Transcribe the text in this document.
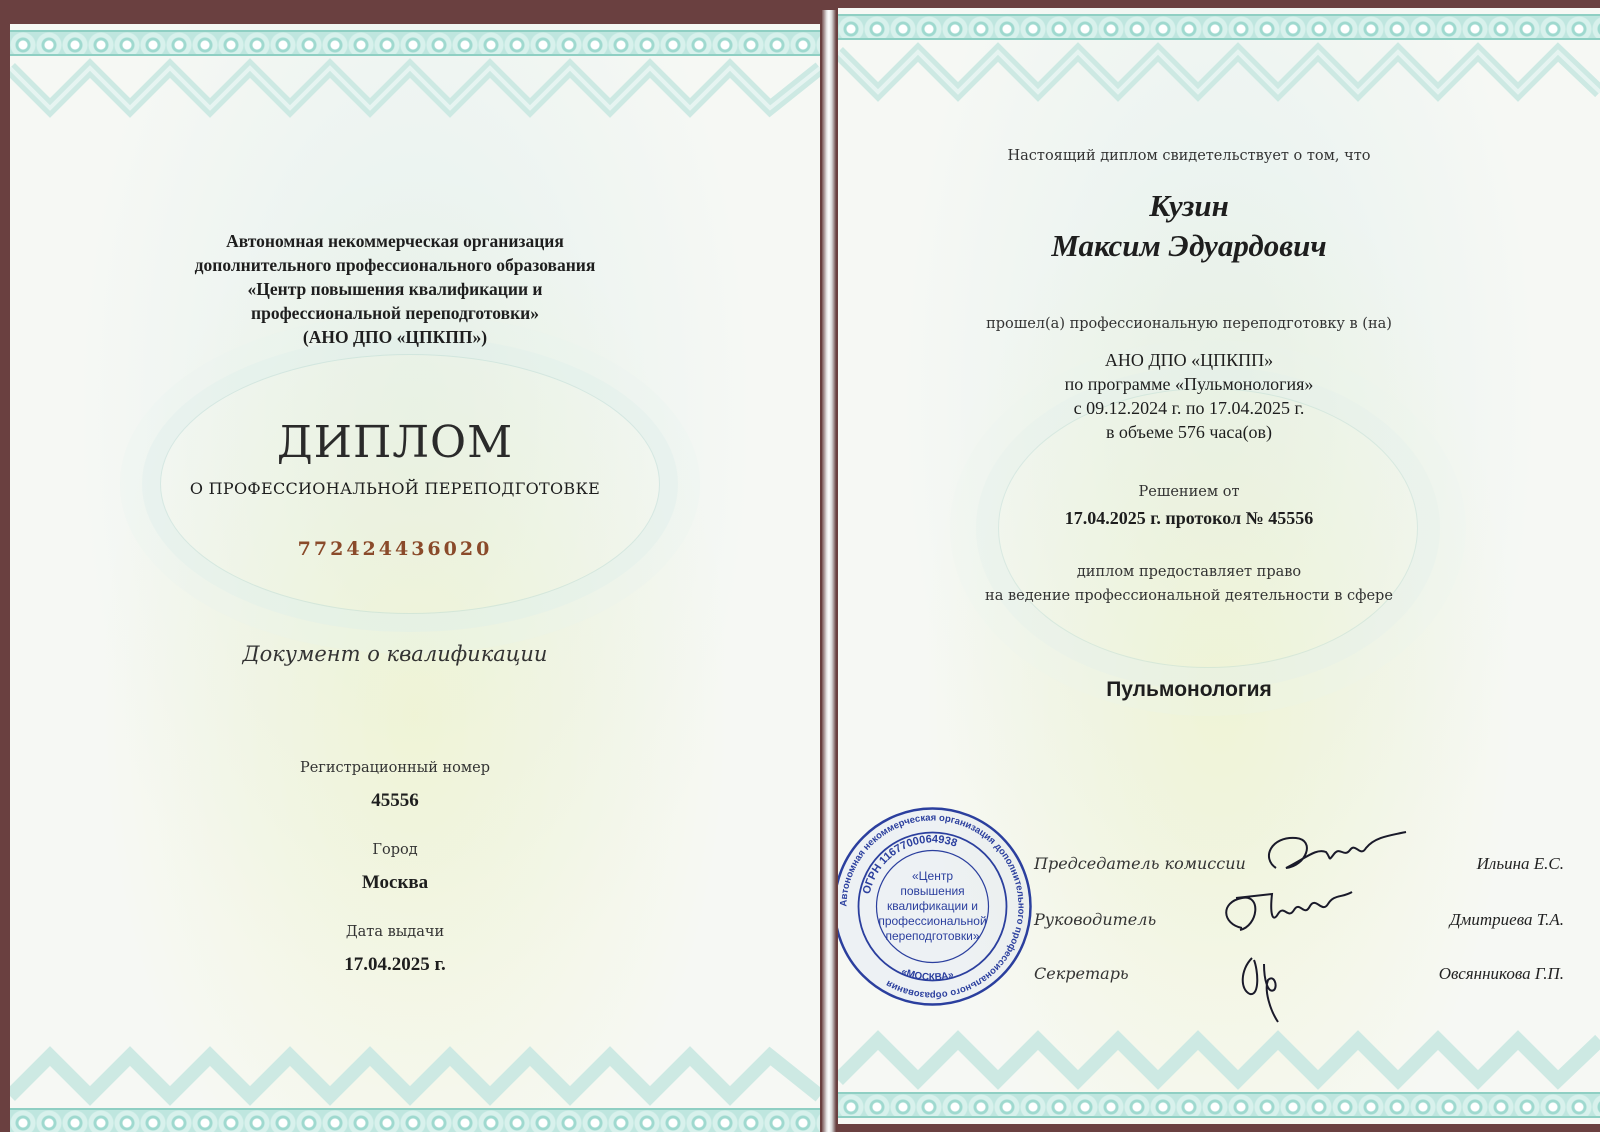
Автономная некоммерческая организация
дополнительного профессионального образования
«Центр повышения квалификации и
профессиональной переподготовки»
(АНО ДПО «ЦПКПП»)
ДИПЛОМ
О ПРОФЕССИОНАЛЬНОЙ ПЕРЕПОДГОТОВКЕ
772424436020
Документ о квалификации
Регистрационный номер
45556
Город
Москва
Дата выдачи
17.04.2025 г.
Настоящий диплом свидетельствует о том, что
Кузин
Максим Эдуардович
прошел(а) профессиональную переподготовку в (на)
АНО ДПО «ЦПКПП»
по программе «Пульмонология»
с 09.12.2024 г. по 17.04.2025 г.
в объеме 576 часа(ов)
Решением от
17.04.2025 г. протокол № 45556
диплом предоставляет право
на ведение профессиональной деятельности в сфере
Пульмонология
Председатель комиссии	Ильина Е.С.
Руководитель	Дмитриева Т.А.
Секретарь	Овсянникова Г.П.
Автономная некоммерческая организация дополнительного профессионального образования
ОГРН 1167700064938
«МОСКВА»
«Центр
повышения
квалификации и
профессиональной
переподготовки»
